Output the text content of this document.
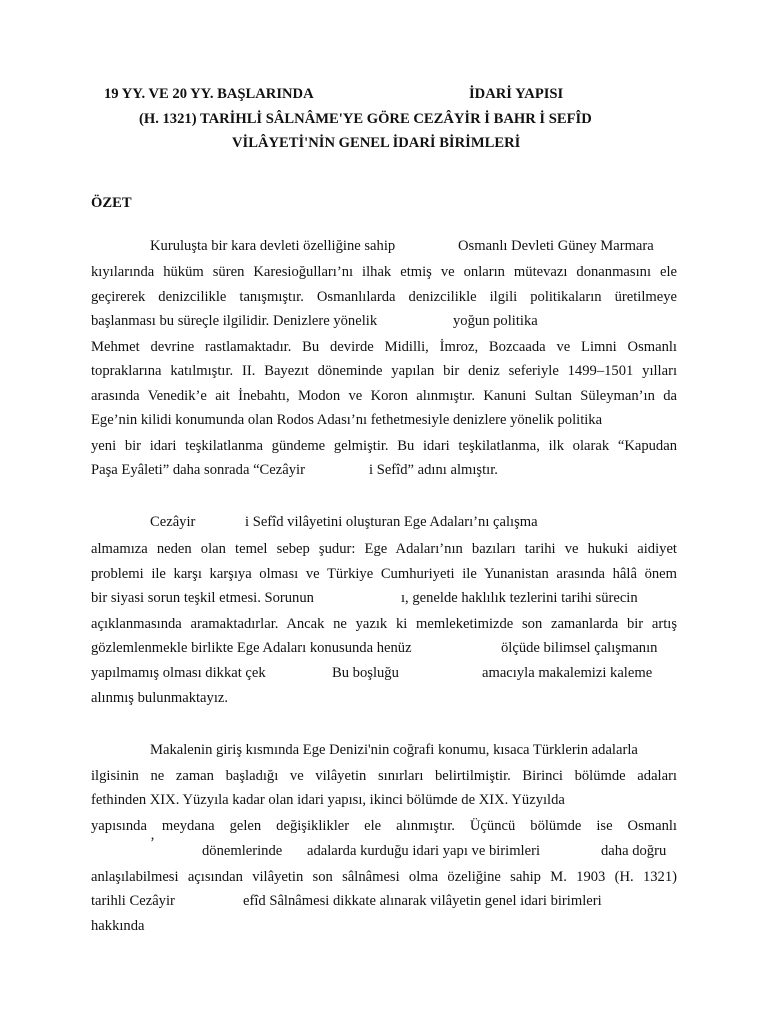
19 YY. VE 20 YY. BAŞLARINDA	İDARİ YAPISI
(H. 1321) TARİHLİ SÂLNÂME'YE GÖRE CEZÂYİR İ BAHR İ SEFÎD
VİLÂYETİ'NİN GENEL İDARİ BİRİMLERİ
ÖZET
Kuruluşta bir kara devleti özelliğine sahip	Osmanlı Devleti Güney Marmara
kıyılarında hüküm süren Karesioğulları’nı ilhak etmiş ve onların mütevazı donanmasını ele
geçirerek denizcilikle tanışmıştır. Osmanlılarda denizcilikle ilgili politikaların üretilmeye
başlanması bu süreçle ilgilidir. Denizlere yönelik	yoğun politika
Mehmet devrine rastlamaktadır. Bu devirde Midilli, İmroz, Bozcaada ve Limni Osmanlı
topraklarına katılmıştır. II. Bayezıt döneminde yapılan bir deniz seferiyle 1499–1501 yılları
arasında Venedik’e ait İnebahtı, Modon ve Koron alınmıştır. Kanuni Sultan Süleyman’ın da
Ege’nin kilidi konumunda olan Rodos Adası’nı fethetmesiyle denizlere yönelik politika
yeni bir idari teşkilatlanma gündeme gelmiştir. Bu idari teşkilatlanma, ilk olarak “Kapudan
Paşa Eyâleti” daha sonrada “Cezâyir	i Sefîd” adını almıştır.
Cezâyir	i Sefîd vilâyetini oluşturan Ege Adaları’nı çalışma
almamıza neden olan temel sebep şudur: Ege Adaları’nın bazıları tarihi ve hukuki aidiyet
problemi ile karşı karşıya olması ve Türkiye Cumhuriyeti ile Yunanistan arasında hâlâ önem
bir siyasi sorun teşkil etmesi. Sorunun	ı, genelde haklılık tezlerini tarihi sürecin
açıklanmasında aramaktadırlar. Ancak ne yazık ki memleketimizde son zamanlarda bir artış
gözlemlenmekle birlikte Ege Adaları konusunda henüz	ölçüde bilimsel çalışmanın
yapılmamış olması dikkat çek	Bu boşluğu	amacıyla makalemizi kaleme
alınmış bulunmaktayız.
Makalenin giriş kısmında Ege Denizi'nin coğrafi konumu, kısaca Türklerin adalarla
ilgisinin ne zaman başladığı ve vilâyetin sınırları belirtilmiştir. Birinci bölümde adaları
fethinden XIX. Yüzyıla kadar olan idari yapısı, ikinci bölümde de XIX. Yüzyılda
yapısında meydana gelen değişiklikler ele alınmıştır. Üçüncü bölümde ise Osmanlı
’	dönemlerinde adalarda kurduğu idari yapı ve birimleri	daha doğru
anlaşılabilmesi açısından vilâyetin son sâlnâmesi olma özeliğine sahip M. 1903 (H. 1321)
tarihli Cezâyir	efîd Sâlnâmesi dikkate alınarak vilâyetin genel idari birimleri
hakkında
